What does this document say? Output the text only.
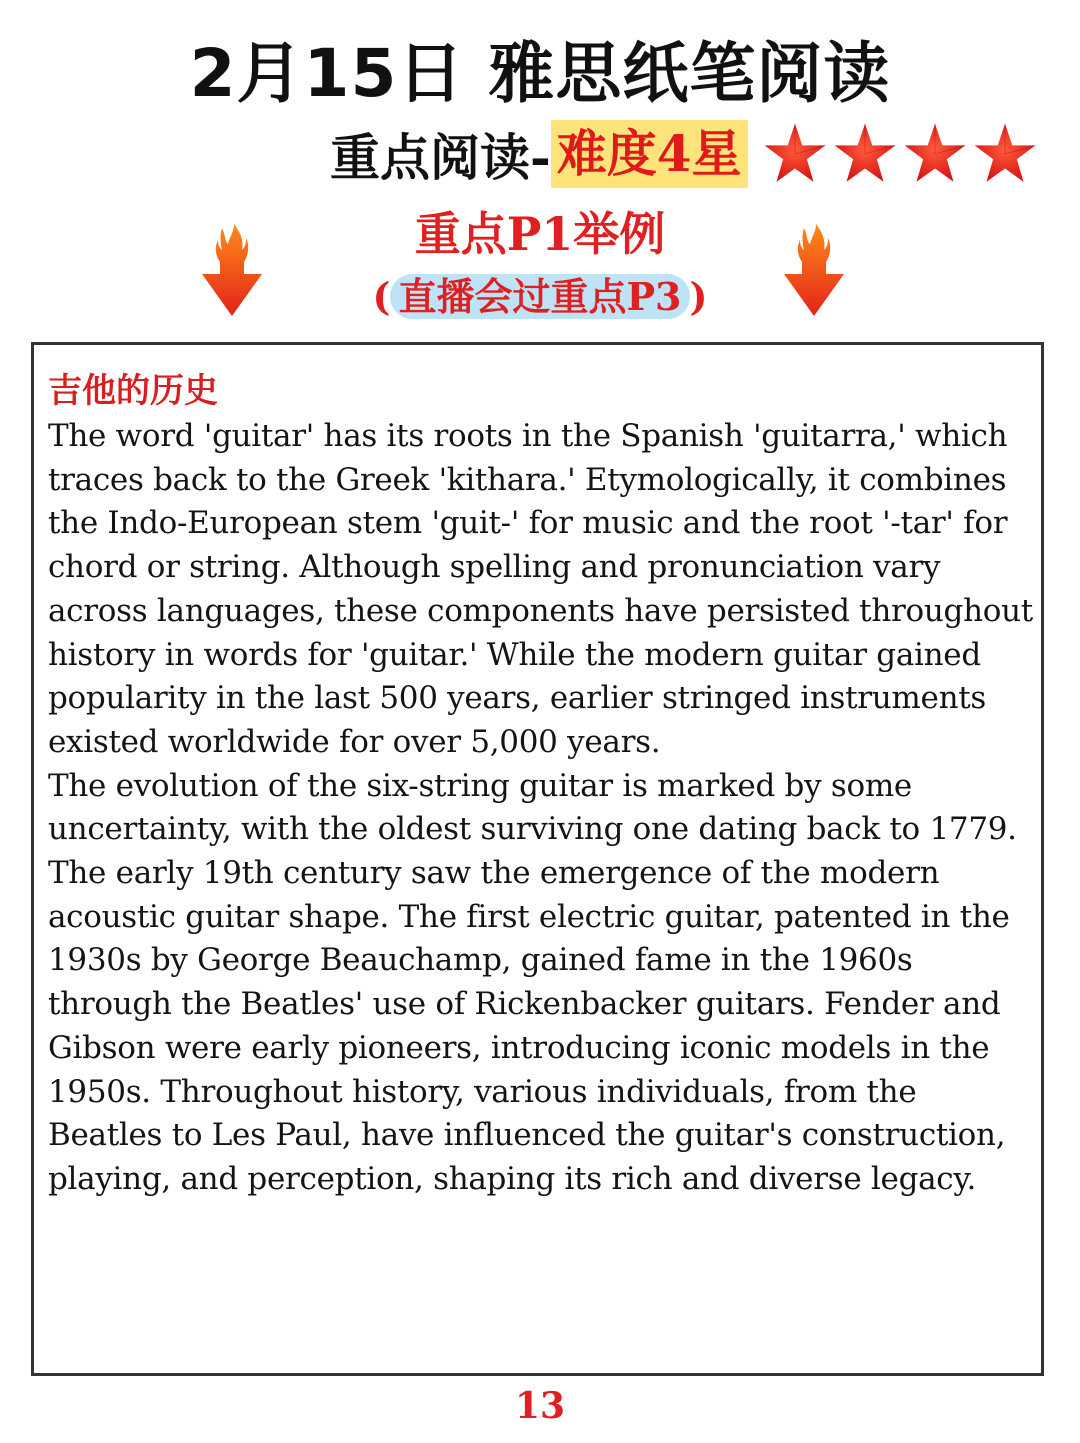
2月15日 雅思纸笔阅读
重点阅读- 难度4星
重点P1举例
( 直播会过重点P3 )
吉他的历史

The word 'guitar' has its roots in the Spanish 'guitarra,' which traces back to the Greek 'kithara.' Etymologically, it combines the Indo-European stem 'guit-' for music and the root '-tar' for chord or string. Although spelling and pronunciation vary across languages, these components have persisted throughout history in words for 'guitar.' While the modern guitar gained popularity in the last 500 years, earlier stringed instruments existed worldwide for over 5,000 years.

The evolution of the six-string guitar is marked by some uncertainty, with the oldest surviving one dating back to 1779. The early 19th century saw the emergence of the modern acoustic guitar shape. The first electric guitar, patented in the 1930s by George Beauchamp, gained fame in the 1960s through the Beatles' use of Rickenbacker guitars. Fender and Gibson were early pioneers, introducing iconic models in the 1950s. Throughout history, various individuals, from the Beatles to Les Paul, have influenced the guitar's construction, playing, and perception, shaping its rich and diverse legacy.

13
